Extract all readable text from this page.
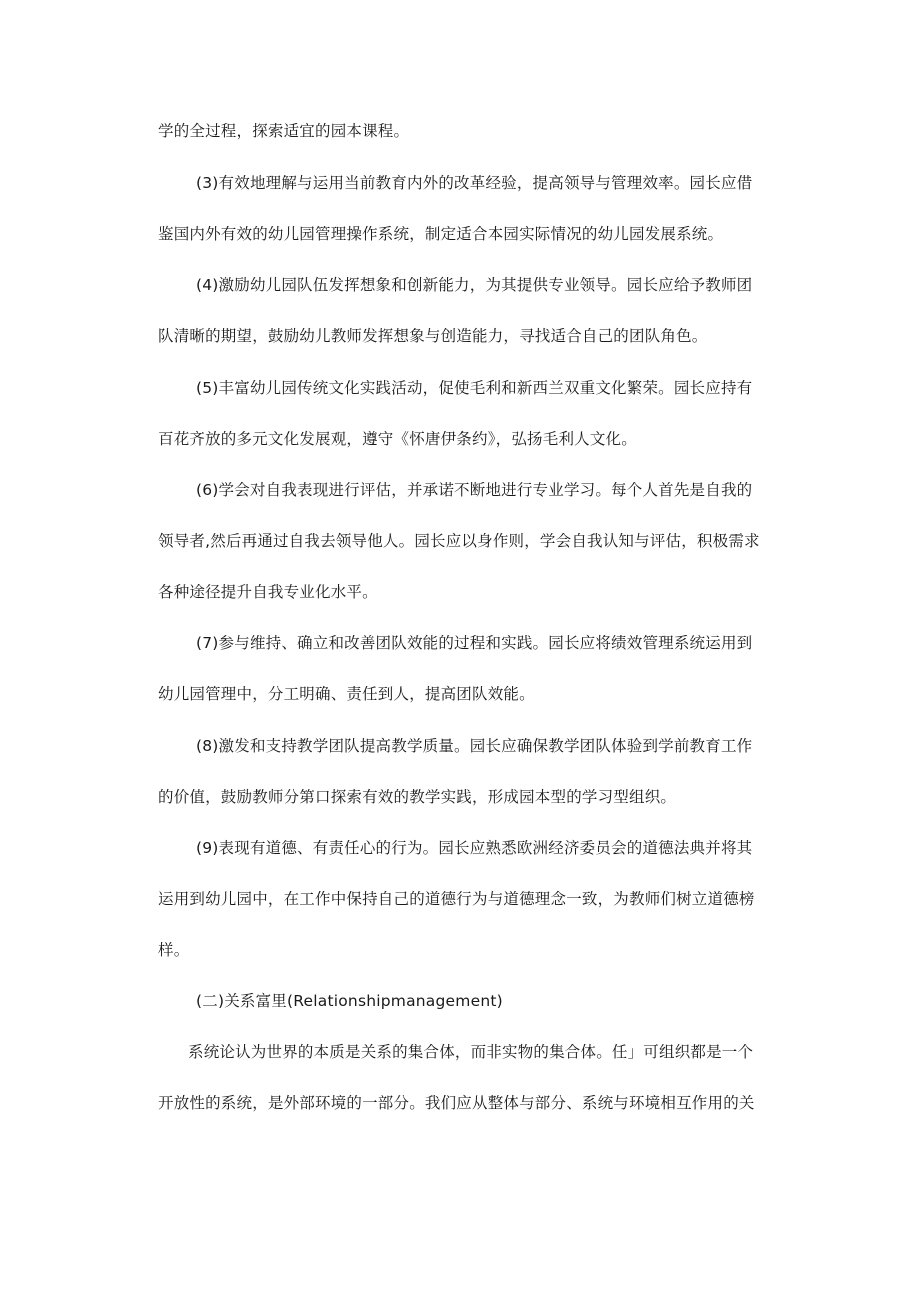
学的全过程，探索适宜的园本课程。
(3)有效地理解与运用当前教育内外的改革经验，提高领导与管理效率。园长应借
鉴国内外有效的幼儿园管理操作系统，制定适合本园实际情况的幼儿园发展系统。
(4)激励幼儿园队伍发挥想象和创新能力，为其提供专业领导。园长应给予教师团
队清晰的期望，鼓励幼儿教师发挥想象与创造能力，寻找适合自己的团队角色。
(5)丰富幼儿园传统文化实践活动，促使毛利和新西兰双重文化繁荣。园长应持有
百花齐放的多元文化发展观，遵守《怀唐伊条约》，弘扬毛利人文化。
(6)学会对自我表现进行评估，并承诺不断地进行专业学习。每个人首先是自我的
领导者,然后再通过自我去领导他人。园长应以身作则，学会自我认知与评估，积极需求
各种途径提升自我专业化水平。
(7)参与维持、确立和改善团队效能的过程和实践。园长应将绩效管理系统运用到
幼儿园管理中，分工明确、责任到人，提高团队效能。
(8)激发和支持教学团队提高教学质量。园长应确保教学团队体验到学前教育工作
的价值，鼓励教师分第口探索有效的教学实践，形成园本型的学习型组织。
(9)表现有道德、有责任心的行为。园长应熟悉欧洲经济委员会的道德法典并将其
运用到幼儿园中，在工作中保持自己的道德行为与道德理念一致，为教师们树立道德榜
样。
(二)关系富里(Relationshipmanagement)
系统论认为世界的本质是关系的集合体，而非实物的集合体。任」可组织都是一个
开放性的系统，是外部环境的一部分。我们应从整体与部分、系统与环境相互作用的关
